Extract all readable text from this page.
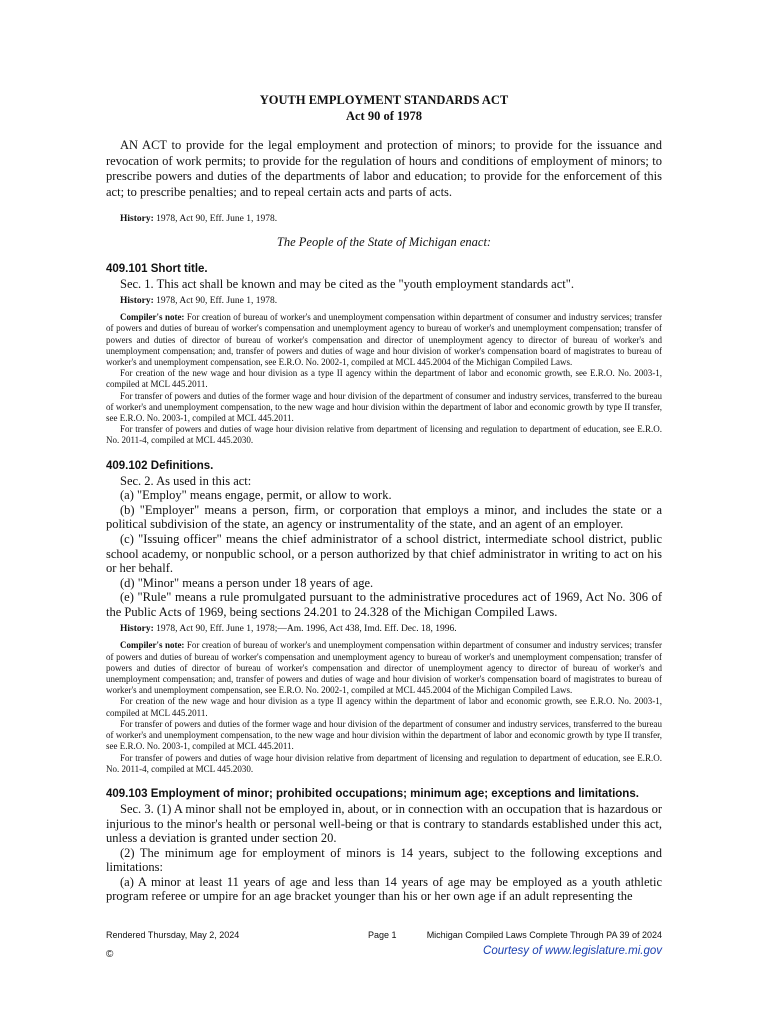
YOUTH EMPLOYMENT STANDARDS ACT
Act 90 of 1978

AN ACT to provide for the legal employment and protection of minors; to provide for the issuance and revocation of work permits; to provide for the regulation of hours and conditions of employment of minors; to prescribe powers and duties of the departments of labor and education; to provide for the enforcement of this act; to prescribe penalties; and to repeal certain acts and parts of acts.

History: 1978, Act 90, Eff. June 1, 1978.
The People of the State of Michigan enact:
409.101 Short title.

Sec. 1. This act shall be known and may be cited as the "youth employment standards act".

History: 1978, Act 90, Eff. June 1, 1978.

Compiler's note: For creation of bureau of worker's and unemployment compensation within department of consumer and industry services; transfer of powers and duties of bureau of worker's compensation and unemployment agency to bureau of worker's and unemployment compensation; transfer of powers and duties of director of bureau of worker's compensation and director of unemployment agency to director of bureau of worker's and unemployment compensation; and, transfer of powers and duties of wage and hour division of worker's compensation board of magistrates to bureau of worker's and unemployment compensation, see E.R.O. No. 2002-1, compiled at MCL 445.2004 of the Michigan Compiled Laws.

For creation of the new wage and hour division as a type II agency within the department of labor and economic growth, see E.R.O. No. 2003-1, compiled at MCL 445.2011.

For transfer of powers and duties of the former wage and hour division of the department of consumer and industry services, transferred to the bureau of worker's and unemployment compensation, to the new wage and hour division within the department of labor and economic growth by type II transfer, see E.R.O. No. 2003-1, compiled at MCL 445.2011.

For transfer of powers and duties of wage hour division relative from department of licensing and regulation to department of education, see E.R.O. No. 2011-4, compiled at MCL 445.2030.

409.102 Definitions.

Sec. 2. As used in this act:

(a) "Employ" means engage, permit, or allow to work.

(b) "Employer" means a person, firm, or corporation that employs a minor, and includes the state or a political subdivision of the state, an agency or instrumentality of the state, and an agent of an employer.

(c) "Issuing officer" means the chief administrator of a school district, intermediate school district, public school academy, or nonpublic school, or a person authorized by that chief administrator in writing to act on his or her behalf.

(d) "Minor" means a person under 18 years of age.

(e) "Rule" means a rule promulgated pursuant to the administrative procedures act of 1969, Act No. 306 of the Public Acts of 1969, being sections 24.201 to 24.328 of the Michigan Compiled Laws.

History: 1978, Act 90, Eff. June 1, 1978;—Am. 1996, Act 438, Imd. Eff. Dec. 18, 1996.

Compiler's note: For creation of bureau of worker's and unemployment compensation within department of consumer and industry services; transfer of powers and duties of bureau of worker's compensation and unemployment agency to bureau of worker's and unemployment compensation; transfer of powers and duties of director of bureau of worker's compensation and director of unemployment agency to director of bureau of worker's and unemployment compensation; and, transfer of powers and duties of wage and hour division of worker's compensation board of magistrates to bureau of worker's and unemployment compensation, see E.R.O. No. 2002-1, compiled at MCL 445.2004 of the Michigan Compiled Laws.

For creation of the new wage and hour division as a type II agency within the department of labor and economic growth, see E.R.O. No. 2003-1, compiled at MCL 445.2011.

For transfer of powers and duties of the former wage and hour division of the department of consumer and industry services, transferred to the bureau of worker's and unemployment compensation, to the new wage and hour division within the department of labor and economic growth by type II transfer, see E.R.O. No. 2003-1, compiled at MCL 445.2011.

For transfer of powers and duties of wage hour division relative from department of licensing and regulation to department of education, see E.R.O. No. 2011-4, compiled at MCL 445.2030.

409.103 Employment of minor; prohibited occupations; minimum age; exceptions and limitations.

Sec. 3. (1) A minor shall not be employed in, about, or in connection with an occupation that is hazardous or injurious to the minor's health or personal well-being or that is contrary to standards established under this act, unless a deviation is granted under section 20.

(2) The minimum age for employment of minors is 14 years, subject to the following exceptions and limitations:

(a) A minor at least 11 years of age and less than 14 years of age may be employed as a youth athletic program referee or umpire for an age bracket younger than his or her own age if an adult representing the

Rendered Thursday, May 2, 2024	Page 1	Michigan Compiled Laws Complete Through PA 39 of 2024
©	Courtesy of www.legislature.mi.gov
